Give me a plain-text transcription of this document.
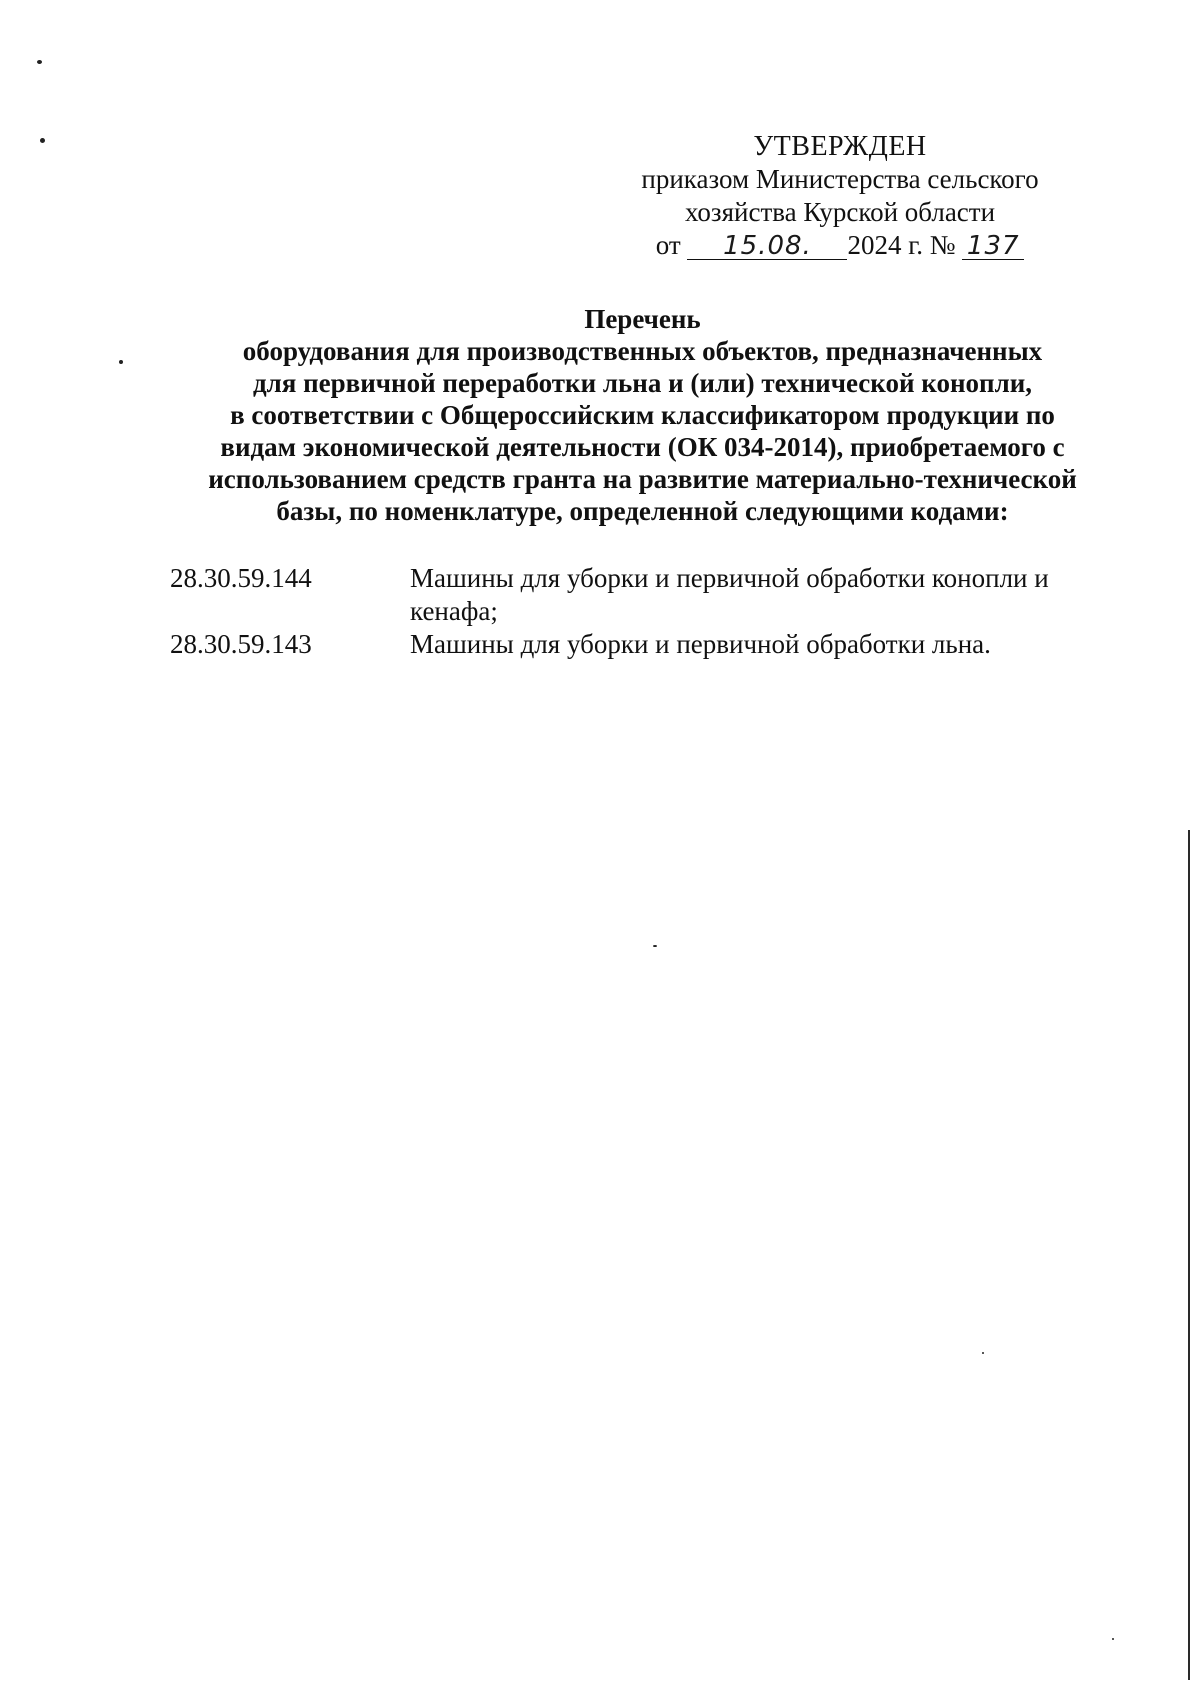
УТВЕРЖДЕН
приказом Министерства сельского
хозяйства Курской области
от 15.08. 2024 г. № 137
Перечень
оборудования для производственных объектов, предназначенных
для первичной переработки льна и (или) технической конопли,
в соответствии с Общероссийским классификатором продукции по
видам экономической деятельности (ОК 034-2014), приобретаемого с
использованием средств гранта на развитие материально-технической
базы, по номенклатуре, определенной следующими кодами:
28.30.59.144	Машины для уборки и первичной обработки конопли и кенафа;
28.30.59.143	Машины для уборки и первичной обработки льна.
